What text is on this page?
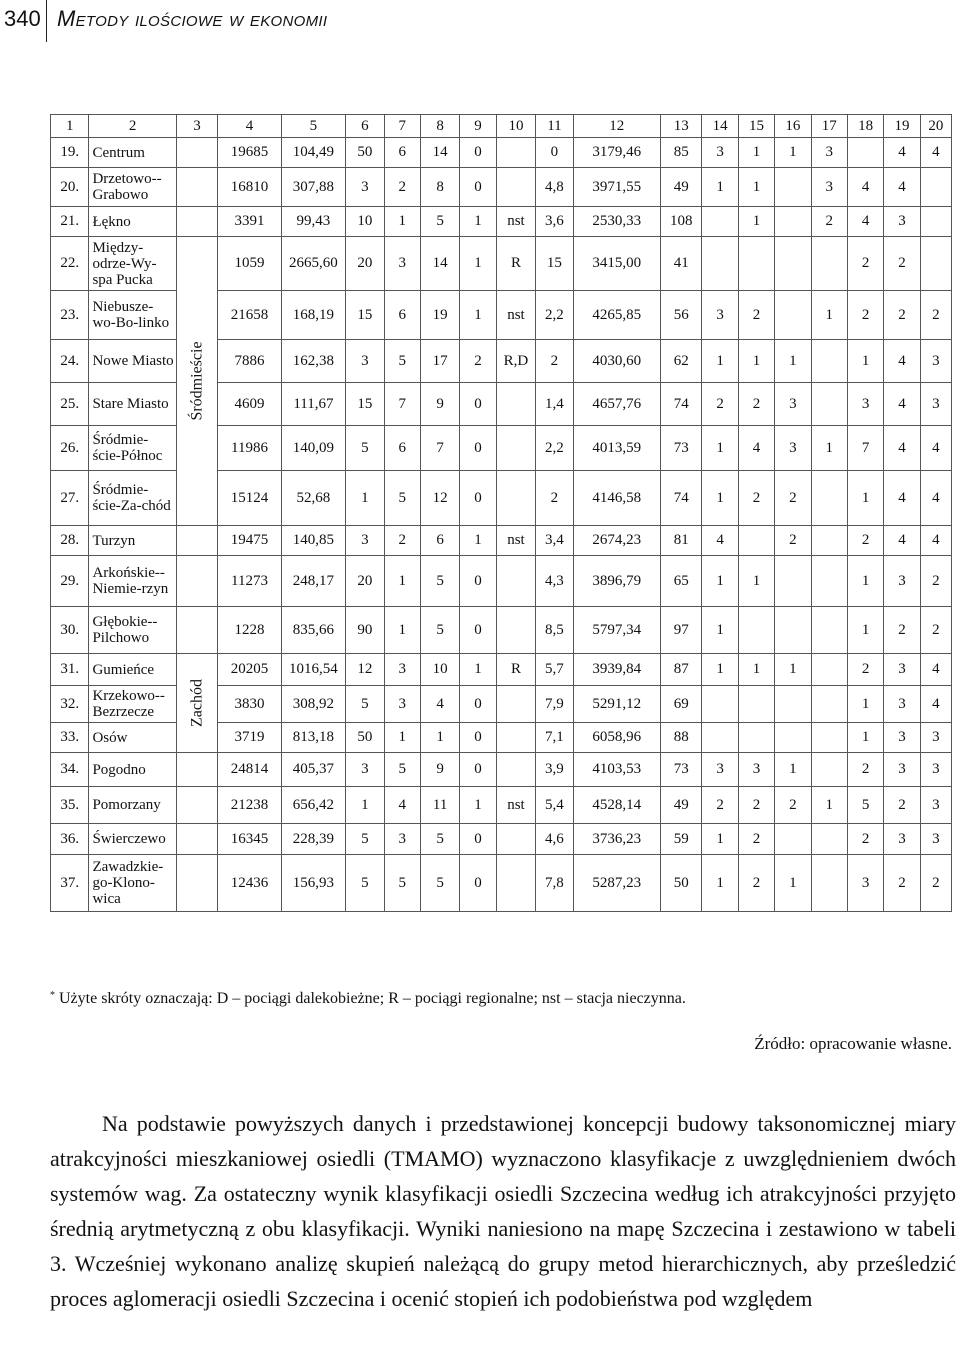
340 Metody ilościowe w ekonomii
1	2	3	4	5	6	7	8	9	10	11	12	13	14	15	16	17	18	19	20
19.	Centrum		19685	104,49	50	6	14	0		0	3179,46	85	3	1	1	3		4	4
20.	Drzetowo--Grabowo		16810	307,88	3	2	8	0		4,8	3971,55	49	1	1		3	4	4	
21.	Łękno		3391	99,43	10	1	5	1	nst	3,6	2530,33	108		1		2	4	3	
22.	Między-odrze-Wy-spa Pucka	Śródmieście	1059	2665,60	20	3	14	1	R	15	3415,00	41					2	2	
23.	Niebusze-wo-Bo-linko		21658	168,19	15	6	19	1	nst	2,2	4265,85	56	3	2		1	2	2	2
24.	Nowe Miasto		7886	162,38	3	5	17	2	R,D	2	4030,60	62	1	1	1		1	4	3
25.	Stare Miasto		4609	111,67	15	7	9	0		1,4	4657,76	74	2	2	3		3	4	3
26.	Śródmie-ście-Północ		11986	140,09	5	6	7	0		2,2	4013,59	73	1	4	3	1	7	4	4
27.	Śródmie-ście-Za-chód		15124	52,68	1	5	12	0		2	4146,58	74	1	2	2		1	4	4
28.	Turzyn		19475	140,85	3	2	6	1	nst	3,4	2674,23	81	4		2		2	4	4
29.	Arkońskie--Niemie-rzyn		11273	248,17	20	1	5	0		4,3	3896,79	65	1	1			1	3	2
30.	Głębokie--Pilchowo		1228	835,66	90	1	5	0		8,5	5797,34	97	1				1	2	2
31.	Gumieńce	Zachód	20205	1016,54	12	3	10	1	R	5,7	3939,84	87	1	1	1		2	3	4
32.	Krzekowo--Bezrzecze		3830	308,92	5	3	4	0		7,9	5291,12	69					1	3	4
33.	Osów		3719	813,18	50	1	1	0		7,1	6058,96	88					1	3	3
34.	Pogodno		24814	405,37	3	5	9	0		3,9	4103,53	73	3	3	1		2	3	3
35.	Pomorzany		21238	656,42	1	4	11	1	nst	5,4	4528,14	49	2	2	2	1	5	2	3
36.	Świerczewo		16345	228,39	5	3	5	0		4,6	3736,23	59	1	2			2	3	3
37.	Zawadzkie-go-Klono-wica		12436	156,93	5	5	5	0		7,8	5287,23	50	1	2	1		3	2	2
* Użyte skróty oznaczają: D – pociągi dalekobieżne; R – pociągi regionalne; nst – stacja nieczynna.
Źródło: opracowanie własne.

Na podstawie powyższych danych i przedstawionej koncepcji budowy taksonomicznej miary atrakcyjności mieszkaniowej osiedli (TMAMO) wyznaczono klasyfikacje z uwzględnieniem dwóch systemów wag. Za ostateczny wynik klasyfikacji osiedli Szczecina według ich atrakcyjności przyjęto średnią arytmetyczną z obu klasyfikacji. Wyniki naniesiono na mapę Szczecina i zestawiono w tabeli 3. Wcześniej wykonano analizę skupień należącą do grupy metod hierarchicznych, aby prześledzić proces aglomeracji osiedli Szczecina i ocenić stopień ich podobieństwa pod względem
